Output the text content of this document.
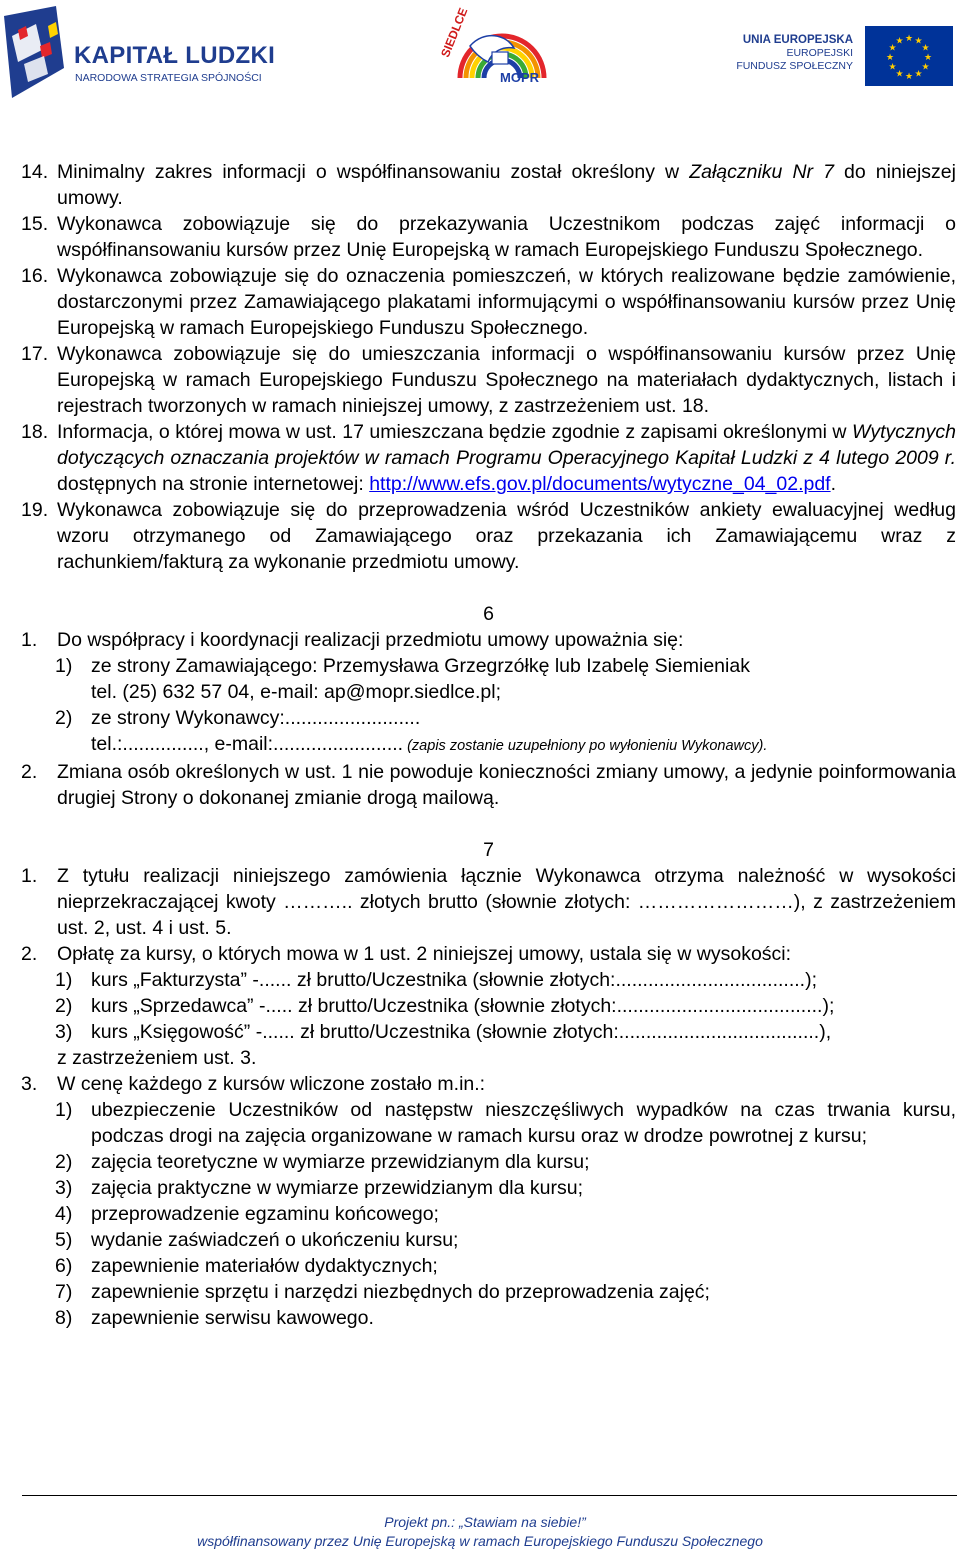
KAPITAŁ LUDZKI
NARODOWA STRATEGIA SPÓJNOŚCI
SIEDLCE
MOPR
UNIA EUROPEJSKA
EUROPEJSKI
FUNDUSZ SPOŁECZNY
★ ★
★
★
★
★
★
★
★
★
★
★
14. Minimalny zakres informacji o współfinansowaniu został określony w Załączniku Nr 7 do niniejszej umowy.
15. Wykonawca zobowiązuje się do przekazywania Uczestnikom podczas zajęć informacji o współfinansowaniu kursów przez Unię Europejską w ramach Europejskiego Funduszu Społecznego.
16. Wykonawca zobowiązuje się do oznaczenia pomieszczeń, w których realizowane będzie zamówienie, dostarczonymi przez Zamawiającego plakatami informującymi o współfinansowaniu kursów przez Unię Europejską w ramach Europejskiego Funduszu Społecznego.
17. Wykonawca zobowiązuje się do umieszczania informacji o współfinansowaniu kursów przez Unię Europejską w ramach Europejskiego Funduszu Społecznego na materiałach dydaktycznych, listach i rejestrach tworzonych w ramach niniejszej umowy, z zastrzeżeniem ust. 18.
18. Informacja, o której mowa w ust. 17 umieszczana będzie zgodnie z zapisami określonymi w Wytycznych dotyczących oznaczania projektów w ramach Programu Operacyjnego Kapitał Ludzki z 4 lutego 2009 r. dostępnych na stronie internetowej: http://www.efs.gov.pl/documents/wytyczne_04_02.pdf.
19. Wykonawca zobowiązuje się do przeprowadzenia wśród Uczestników ankiety ewaluacyjnej według wzoru otrzymanego od Zamawiającego oraz przekazania ich Zamawiającemu wraz z rachunkiem/fakturą za wykonanie przedmiotu umowy.
6
1. Do współpracy i koordynacji realizacji przedmiotu umowy upoważnia się:
1) ze strony Zamawiającego: Przemysława Grzegrzółkę lub Izabelę Siemieniak
tel. (25) 632 57 04, e-mail: ap@mopr.siedlce.pl;
2) ze strony Wykonawcy:.........................
tel.:..............., e-mail:........................ (zapis zostanie uzupełniony po wyłonieniu Wykonawcy).
2. Zmiana osób określonych w ust. 1 nie powoduje konieczności zmiany umowy, a jedynie poinformowania drugiej Strony o dokonanej zmianie drogą mailową.
7
1. Z tytułu realizacji niniejszego zamówienia łącznie Wykonawca otrzyma należność w wysokości nieprzekraczającej kwoty ……….. złotych brutto (słownie złotych: ……………………), z zastrzeżeniem ust. 2, ust. 4 i ust. 5.
2. Opłatę za kursy, o których mowa w 1 ust. 2 niniejszej umowy, ustala się w wysokości:
1) kurs „Fakturzysta” -...... zł brutto/Uczestnika (słownie złotych:...................................);
2) kurs „Sprzedawca” -..... zł brutto/Uczestnika (słownie złotych:......................................);
3) kurs „Księgowość” -...... zł brutto/Uczestnika (słownie złotych:.....................................),
z zastrzeżeniem ust. 3.
3. W cenę każdego z kursów wliczone zostało m.in.:
1) ubezpieczenie Uczestników od następstw nieszczęśliwych wypadków na czas trwania kursu, podczas drogi na zajęcia organizowane w ramach kursu oraz w drodze powrotnej z kursu;
2) zajęcia teoretyczne w wymiarze przewidzianym dla kursu;
3) zajęcia praktyczne w wymiarze przewidzianym dla kursu;
4) przeprowadzenie egzaminu końcowego;
5) wydanie zaświadczeń o ukończeniu kursu;
6) zapewnienie materiałów dydaktycznych;
7) zapewnienie sprzętu i narzędzi niezbędnych do przeprowadzenia zajęć;
8) zapewnienie serwisu kawowego.
Projekt pn.: „Stawiam na siebie!”
współfinansowany przez Unię Europejską w ramach Europejskiego Funduszu Społecznego
